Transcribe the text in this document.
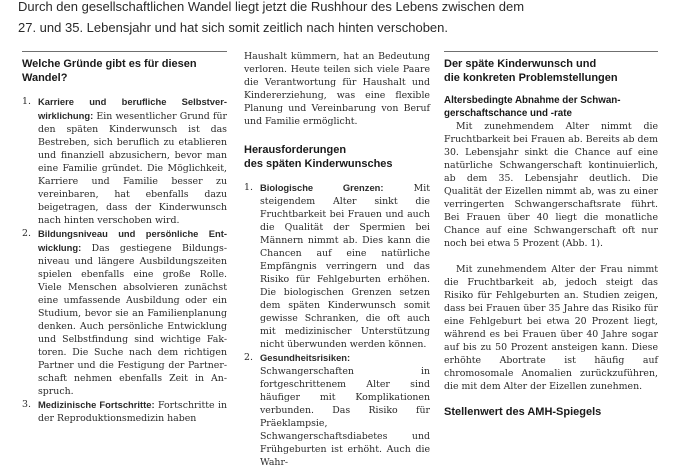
Durch den gesellschaftlichen Wandel liegt jetzt die Rushhour des Lebens zwischen dem
27. und 35. Lebensjahr und hat sich somit zeitlich nach hinten verschoben.

Welche Gründe gibt es für diesen
Wandel?

1. Karriere und berufliche Selbstver-wirklichung: Ein wesentlicher Grund für den späten Kinderwunsch ist das Bestreben, sich beruflich zu etablieren und finanziell abzusichern, bevor man eine Familie gründet. Die Möglichkeit, Karriere und Familie besser zu vereinbaren, hat ebenfalls dazu beigetragen, dass der Kinderwunsch nach hinten verschoben wird.
2. Bildungsniveau und persönliche Ent-wicklung: Das gestiegene Bildungs-niveau und längere Ausbildungszeiten spielen ebenfalls eine große Rolle. Viele Menschen absolvieren zunächst eine umfassende Ausbildung oder ein Studium, bevor sie an Familienplanung denken. Auch persönliche Entwicklung und Selbstfindung sind wichtige Fak-toren. Die Suche nach dem richtigen Partner und die Festigung der Partner-schaft nehmen ebenfalls Zeit in An-spruch.
3. Medizinische Fortschritte: Fortschritte in der Reproduktionsmedizin haben

Haushalt kümmern, hat an Bedeutung verloren. Heute teilen sich viele Paare die Verantwortung für Haushalt und Kindererziehung, was eine flexible Planung und Vereinbarung von Beruf und Familie ermöglicht.

Herausforderungen
des späten Kinderwunsches

1. Biologische Grenzen: Mit steigendem Alter sinkt die Fruchtbarkeit bei Frauen und auch die Qualität der Spermien bei Männern nimmt ab. Dies kann die Chancen auf eine natürliche Empfängnis verringern und das Risiko für Fehlgeburten erhöhen. Die biologischen Grenzen setzen dem späten Kinderwunsch somit gewisse Schranken, die oft auch mit medizinischer Unterstützung nicht überwunden werden können.
2. Gesundheitsrisiken: Schwangerschaften in fortgeschrittenem Alter sind häufiger mit Komplikationen verbunden. Das Risiko für Präeklampsie, Schwangerschaftsdiabetes und Frühgeburten ist erhöht. Auch die Wahr-

Der späte Kinderwunsch und
die konkreten Problemstellungen

Altersbedingte Abnahme der Schwan-
gerschaftschance und -rate

Mit zunehmendem Alter nimmt die Fruchtbarkeit bei Frauen ab. Bereits ab dem 30. Lebensjahr sinkt die Chance auf eine natürliche Schwangerschaft kontinuierlich, ab dem 35. Lebensjahr deutlich. Die Qualität der Eizellen nimmt ab, was zu einer verringerten Schwangerschaftsrate führt. Bei Frauen über 40 liegt die monatliche Chance auf eine Schwangerschaft oft nur noch bei etwa 5 Prozent (Abb. 1).

Mit zunehmendem Alter der Frau nimmt die Fruchtbarkeit ab, jedoch steigt das Risiko für Fehlgeburten an. Studien zeigen, dass bei Frauen über 35 Jahre das Risiko für eine Fehlgeburt bei etwa 20 Prozent liegt, während es bei Frauen über 40 Jahre sogar auf bis zu 50 Prozent ansteigen kann. Diese erhöhte Abortrate ist häufig auf chromosomale Anomalien zurückzuführen, die mit dem Alter der Eizellen zunehmen.

Stellenwert des AMH-Spiegels
